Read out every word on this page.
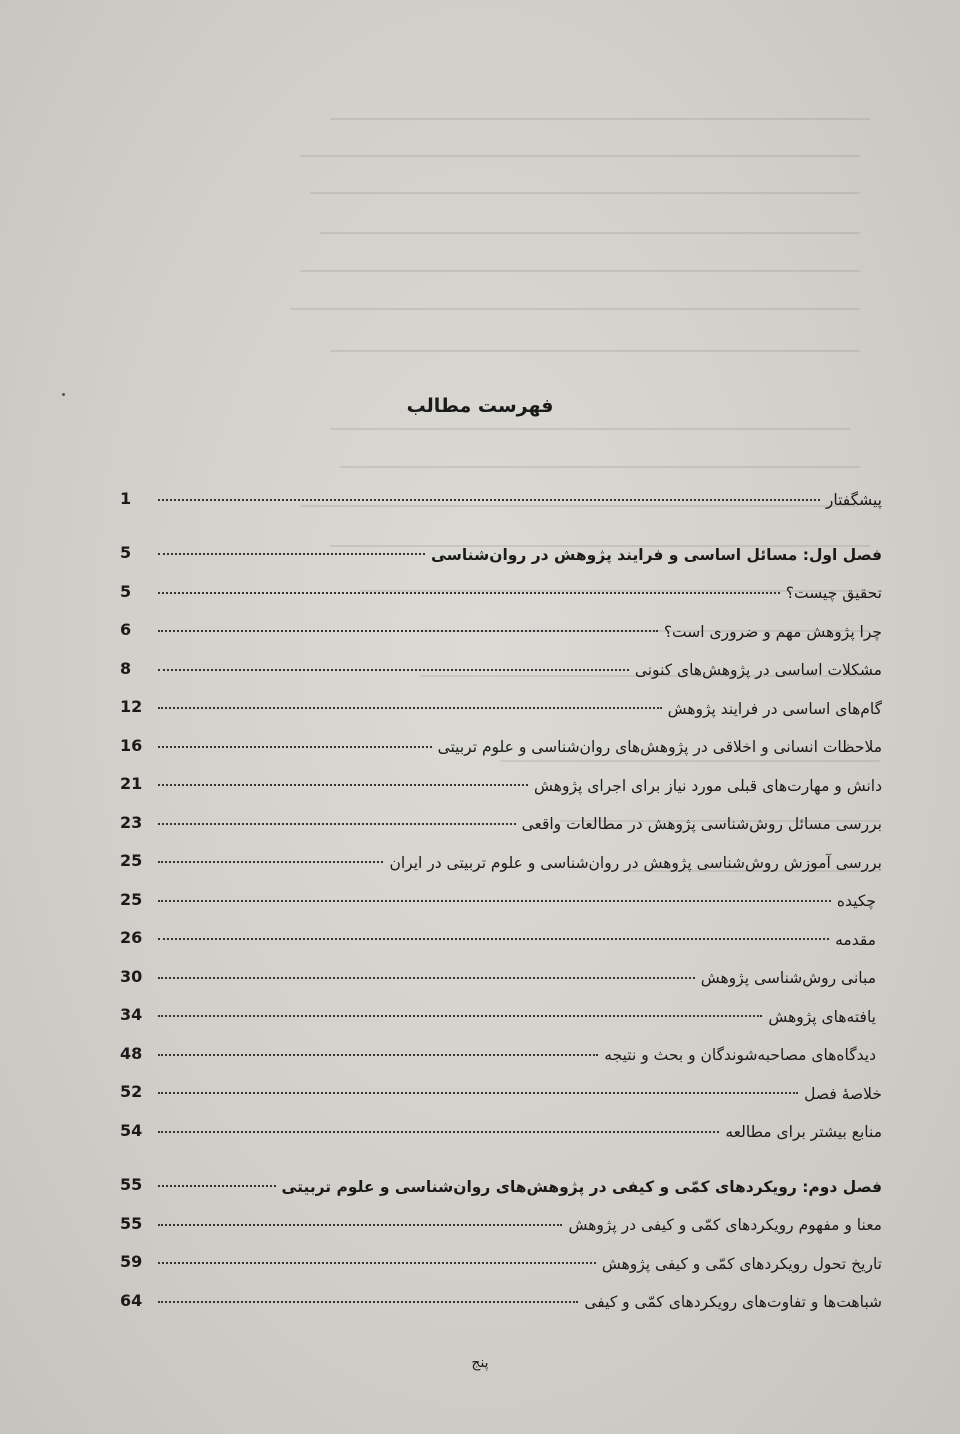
فهرست مطالب
پیشگفتار
1
فصل اول: مسائل اساسی و فرایند پژوهش در روان‌شناسی
5
تحقیق چیست؟
5
چرا پژوهش مهم و ضروری است؟
6
مشکلات اساسی در پژوهش‌های کنونی
8
گام‌های اساسی در فرایند پژوهش
12
ملاحظات انسانی و اخلاقی در پژوهش‌های روان‌شناسی و علوم تربیتی
16
دانش و مهارت‌های قبلی مورد نیاز برای اجرای پژوهش
21
بررسی مسائل روش‌شناسی پژوهش در مطالعات واقعی
23
بررسی آموزش روش‌شناسی پژوهش در روان‌شناسی و علوم تربیتی در ایران
25
چکیده
25
مقدمه
26
مبانی روش‌شناسی پژوهش
30
یافته‌های پژوهش
34
دیدگاه‌های مصاحبه‌شوندگان و بحث و نتیجه
48
خلاصهٔ فصل
52
منابع بیشتر برای مطالعه
54
فصل دوم: رویکردهای کمّی و کیفی در پژوهش‌های روان‌شناسی و علوم تربیتی
55
معنا و مفهوم رویکردهای کمّی و کیفی در پژوهش
55
تاریخ تحول رویکردهای کمّی و کیفی پژوهش
59
شباهت‌ها و تفاوت‌های رویکردهای کمّی و کیفی
64
پنج
